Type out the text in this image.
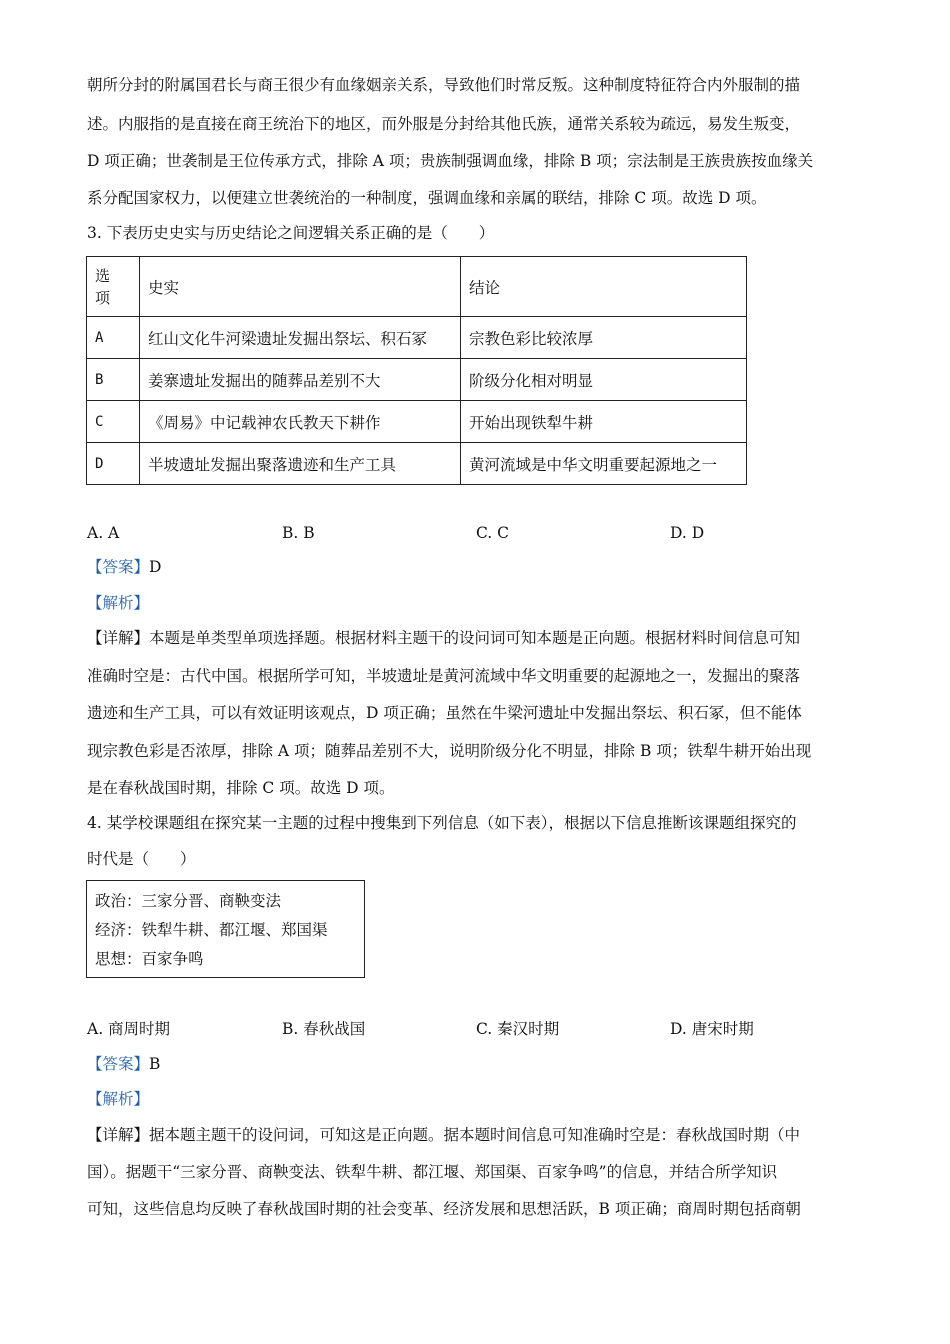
朝所分封的附属国君长与商王很少有血缘姻亲关系，导致他们时常反叛。这种制度特征符合内外服制的描
述。内服指的是直接在商王统治下的地区，而外服是分封给其他氏族，通常关系较为疏远，易发生叛变，
D 项正确；世袭制是王位传承方式，排除 A 项；贵族制强调血缘，排除 B 项；宗法制是王族贵族按血缘关
系分配国家权力，以便建立世袭统治的一种制度，强调血缘和亲属的联结，排除 C 项。故选 D 项。
3. 下表历史史实与历史结论之间逻辑关系正确的是（　　）
选项	史实	结论
A	红山文化牛河梁遗址发掘出祭坛、积石冢	宗教色彩比较浓厚
B	姜寨遗址发掘出的随葬品差别不大	阶级分化相对明显
C	《周易》中记载神农氏教天下耕作	开始出现铁犁牛耕
D	半坡遗址发掘出聚落遗迹和生产工具	黄河流域是中华文明重要起源地之一
A. A	B. B	C. C	D. D
【答案】D
【解析】
【详解】本题是单类型单项选择题。根据材料主题干的设问词可知本题是正向题。根据材料时间信息可知
准确时空是：古代中国。根据所学可知，半坡遗址是黄河流域中华文明重要的起源地之一，发掘出的聚落
遗迹和生产工具，可以有效证明该观点，D 项正确；虽然在牛梁河遗址中发掘出祭坛、积石冢，但不能体
现宗教色彩是否浓厚，排除 A 项；随葬品差别不大，说明阶级分化不明显，排除 B 项；铁犁牛耕开始出现
是在春秋战国时期，排除 C 项。故选 D 项。
4. 某学校课题组在探究某一主题的过程中搜集到下列信息（如下表），根据以下信息推断该课题组探究的
时代是（　　）
政治：三家分晋、商鞅变法
经济：铁犁牛耕、都江堰、郑国渠
思想：百家争鸣
A. 商周时期	B. 春秋战国	C. 秦汉时期	D. 唐宋时期
【答案】B
【解析】
【详解】据本题主题干的设问词，可知这是正向题。据本题时间信息可知准确时空是：春秋战国时期（中
国）。据题干“三家分晋、商鞅变法、铁犁牛耕、都江堰、郑国渠、百家争鸣”的信息，并结合所学知识
可知，这些信息均反映了春秋战国时期的社会变革、经济发展和思想活跃，B 项正确；商周时期包括商朝
